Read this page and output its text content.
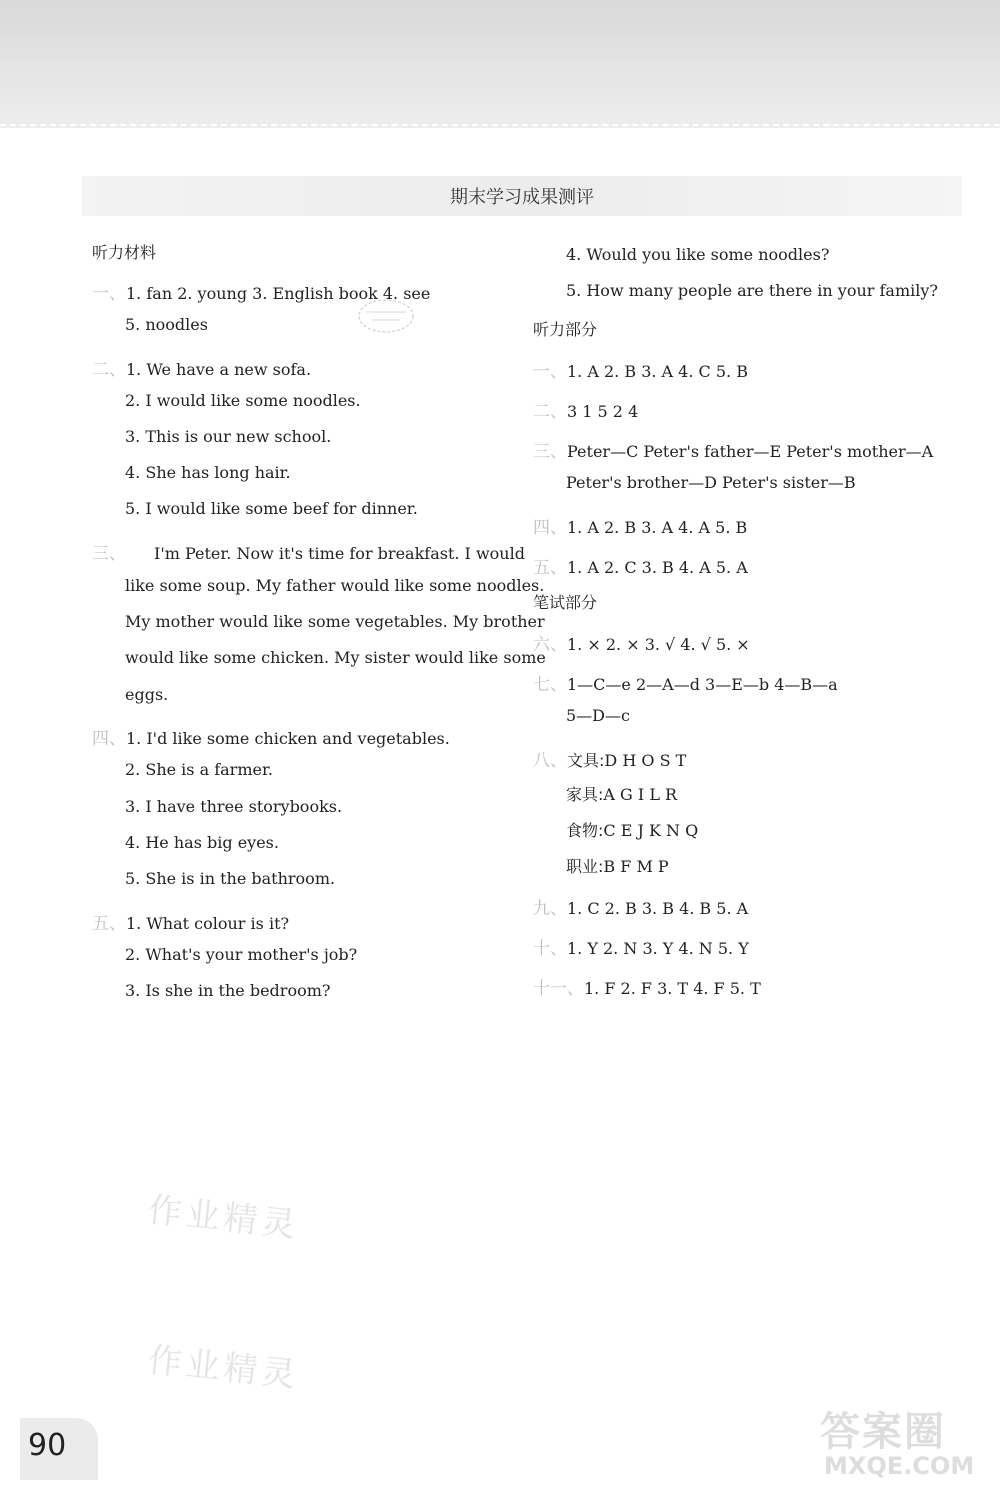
期末学习成果测评
听力材料
一、1. fan 2. young 3. English book 4. see
5. noodles
二、1. We have a new sofa.
2. I would like some noodles.
3. This is our new school.
4. She has long hair.
5. I would like some beef for dinner.
三、 I'm Peter. Now it's time for breakfast. I would
like some soup. My father would like some noodles.
My mother would like some vegetables. My brother
would like some chicken. My sister would like some
eggs.
四、1. I'd like some chicken and vegetables.
2. She is a farmer.
3. I have three storybooks.
4. He has big eyes.
5. She is in the bathroom.
五、1. What colour is it?
2. What's your mother's job?
3. Is she in the bedroom?
4. Would you like some noodles?
5. How many people are there in your family?
听力部分
一、1. A 2. B 3. A 4. C 5. B
二、3 1 5 2 4
三、Peter—C Peter's father—E Peter's mother—A
Peter's brother—D Peter's sister—B
四、1. A 2. B 3. A 4. A 5. B
五、1. A 2. C 3. B 4. A 5. A
笔试部分
六、1. × 2. × 3. √ 4. √ 5. ×
七、1—C—e 2—A—d 3—E—b 4—B—a
5—D—c
八、文具:D H O S T
家具:A G I L R
食物:C E J K N Q
职业:B F M P
九、1. C 2. B 3. B 4. B 5. A
十、1. Y 2. N 3. Y 4. N 5. Y
十一、1. F 2. F 3. T 4. F 5. T
作业精灵
作业精灵
90	答案圈
MXQE.COM
